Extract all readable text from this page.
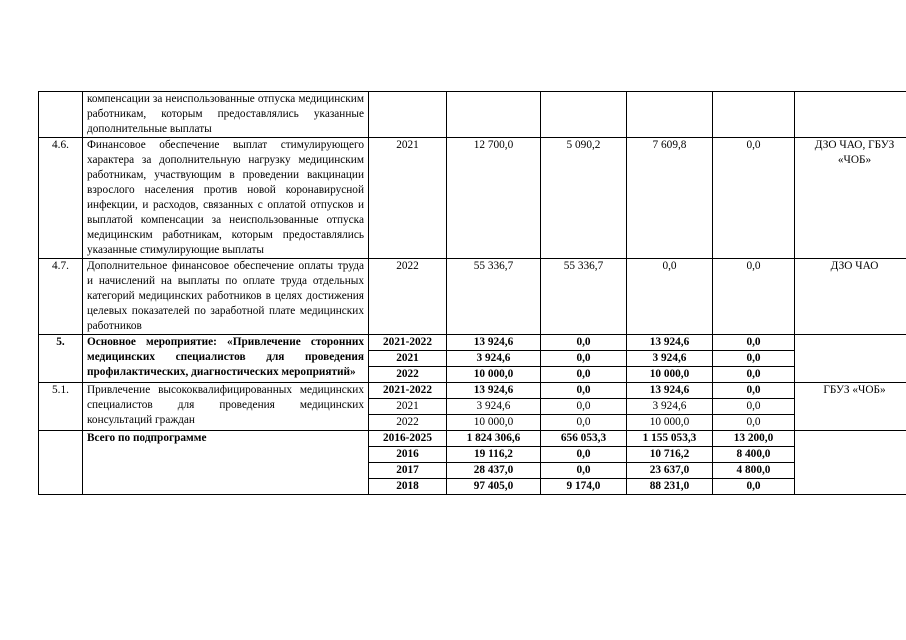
	компенсации за неиспользованные отпуска медицинским работникам, которым предоставлялись указанные дополнительные выплаты						
4.6.	Финансовое обеспечение выплат стимулирующего характера за дополнительную нагрузку медицинским работникам, участвующим в проведении вакцинации взрослого населения против новой коронавирусной инфекции, и расходов, связанных с оплатой отпусков и выплатой компенсации за неиспользованные отпуска медицинским работникам, которым предоставлялись указанные стимулирующие выплаты	2021	12 700,0	5 090,2	7 609,8	0,0	ДЗО ЧАО, ГБУЗ «ЧОБ»
4.7.	Дополнительное финансовое обеспечение оплаты труда и начислений на выплаты по оплате труда отдельных категорий медицинских работников в целях достижения целевых показателей по заработной плате медицинских работников	2022	55 336,7	55 336,7	0,0	0,0	ДЗО ЧАО
5.	Основное мероприятие: «Привлечение сторонних медицинских специалистов для проведения профилактических, диагностических мероприятий»	2021-2022	13 924,6	0,0	13 924,6	0,0	
		2021	3 924,6	0,0	3 924,6	0,0	
		2022	10 000,0	0,0	10 000,0	0,0	
5.1.	Привлечение высококвалифицированных медицинских специалистов для проведения медицинских консультаций граждан	2021-2022	13 924,6	0,0	13 924,6	0,0	ГБУЗ «ЧОБ»
		2021	3 924,6	0,0	3 924,6	0,0	
		2022	10 000,0	0,0	10 000,0	0,0	
	Всего по подпрограмме	2016-2025	1 824 306,6	656 053,3	1 155 053,3	13 200,0	
		2016	19 116,2	0,0	10 716,2	8 400,0	
		2017	28 437,0	0,0	23 637,0	4 800,0	
		2018	97 405,0	9 174,0	88 231,0	0,0	
